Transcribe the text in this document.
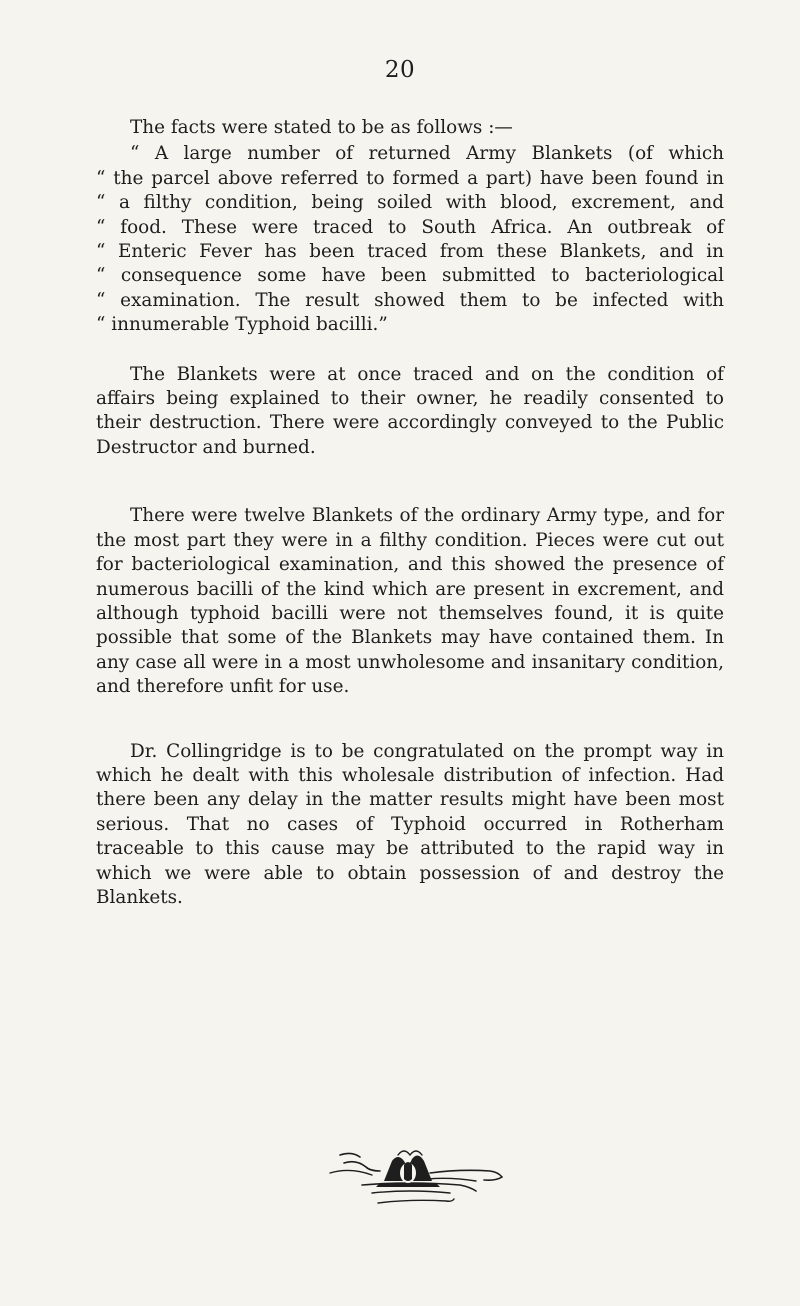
20

The facts were stated to be as follows :—

“ A large number of returned Army Blankets (of which
“ the parcel above referred to formed a part) have been found in
“ a filthy condition, being soiled with blood, excrement, and
“ food. These were traced to South Africa. An outbreak of
“ Enteric Fever has been traced from these Blankets, and in
“ consequence some have been submitted to bacteriological
“ examination. The result showed them to be infected with
“ innumerable Typhoid bacilli.”

The Blankets were at once traced and on the condition of affairs being explained to their owner, he readily consented to their destruction. There were accordingly conveyed to the Public Destructor and burned.

There were twelve Blankets of the ordinary Army type, and for the most part they were in a filthy condition. Pieces were cut out for bacteriological examination, and this showed the presence of numerous bacilli of the kind which are present in excrement, and although typhoid bacilli were not themselves found, it is quite possible that some of the Blankets may have contained them. In any case all were in a most unwholesome and insanitary condition, and therefore unfit for use.

Dr. Collingridge is to be congratulated on the prompt way in which he dealt with this wholesale distribution of infection. Had there been any delay in the matter results might have been most serious. That no cases of Typhoid occurred in Rotherham traceable to this cause may be attributed to the rapid way in which we were able to obtain possession of and destroy the Blankets.
